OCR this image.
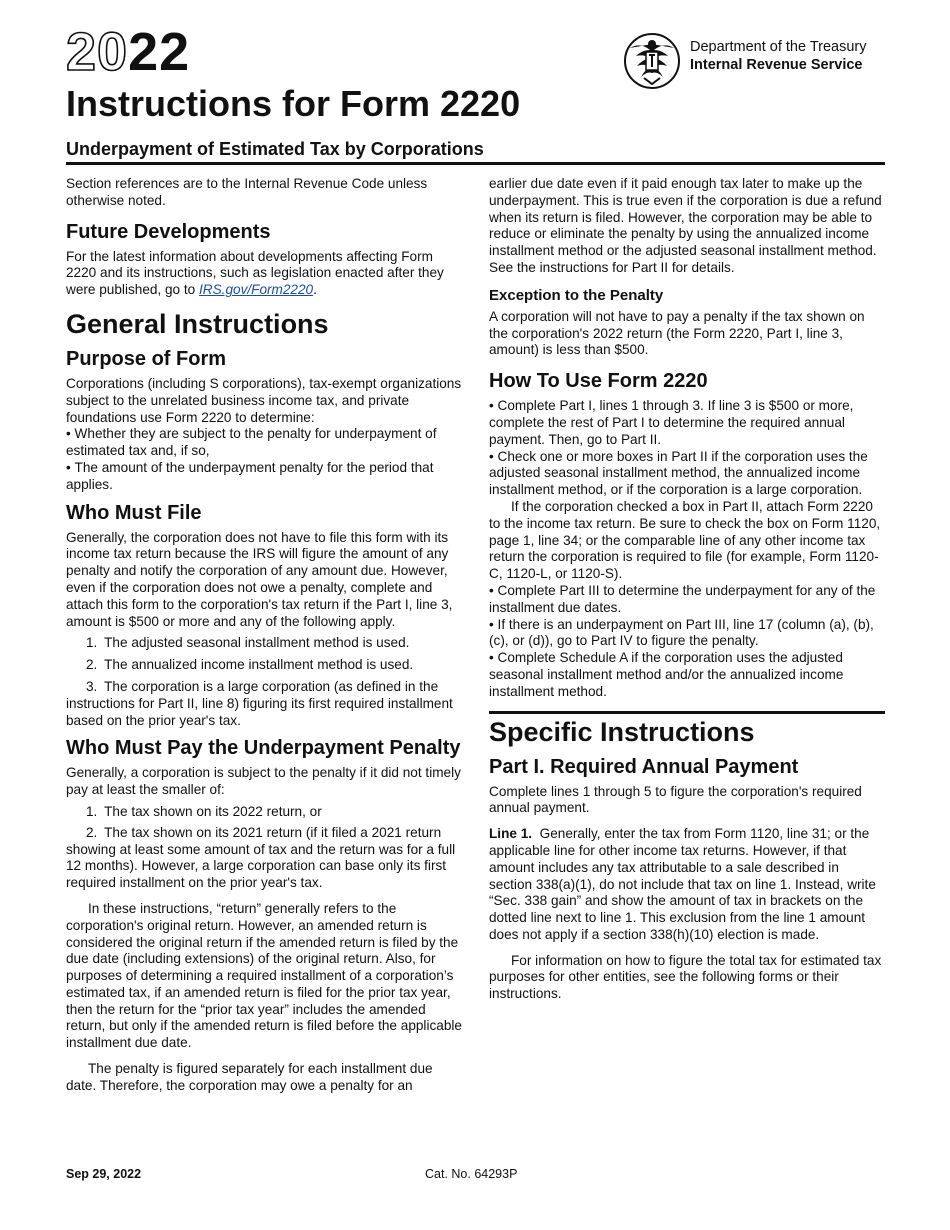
2022
Instructions for Form 2220
Underpayment of Estimated Tax by Corporations
Department of the Treasury
Internal Revenue Service

Section references are to the Internal Revenue Code unless otherwise noted.

Future Developments

For the latest information about developments affecting Form 2220 and its instructions, such as legislation enacted after they were published, go to IRS.gov/Form2220.

General Instructions
Purpose of Form

Corporations (including S corporations), tax-exempt organizations subject to the unrelated business income tax, and private foundations use Form 2220 to determine:

• Whether they are subject to the penalty for underpayment of estimated tax and, if so,

• The amount of the underpayment penalty for the period that applies.

Who Must File

Generally, the corporation does not have to file this form with its income tax return because the IRS will figure the amount of any penalty and notify the corporation of any amount due. However, even if the corporation does not owe a penalty, complete and attach this form to the corporation's tax return if the Part I, line 3, amount is $500 or more and any of the following apply.

1. The adjusted seasonal installment method is used.

2. The annualized income installment method is used.

3. The corporation is a large corporation (as defined in the instructions for Part II, line 8) figuring its first required installment based on the prior year's tax.

Who Must Pay the Underpayment Penalty

Generally, a corporation is subject to the penalty if it did not timely pay at least the smaller of:

1. The tax shown on its 2022 return, or

2. The tax shown on its 2021 return (if it filed a 2021 return showing at least some amount of tax and the return was for a full 12 months). However, a large corporation can base only its first required installment on the prior year's tax.

In these instructions, “return” generally refers to the corporation's original return. However, an amended return is considered the original return if the amended return is filed by the due date (including extensions) of the original return. Also, for purposes of determining a required installment of a corporation’s estimated tax, if an amended return is filed for the prior tax year, then the return for the “prior tax year” includes the amended return, but only if the amended return is filed before the applicable installment due date.

The penalty is figured separately for each installment due date. Therefore, the corporation may owe a penalty for an

earlier due date even if it paid enough tax later to make up the underpayment. This is true even if the corporation is due a refund when its return is filed. However, the corporation may be able to reduce or eliminate the penalty by using the annualized income installment method or the adjusted seasonal installment method. See the instructions for Part II for details.

Exception to the Penalty

A corporation will not have to pay a penalty if the tax shown on the corporation's 2022 return (the Form 2220, Part I, line 3, amount) is less than $500.

How To Use Form 2220

• Complete Part I, lines 1 through 3. If line 3 is $500 or more, complete the rest of Part I to determine the required annual payment. Then, go to Part II.

• Check one or more boxes in Part II if the corporation uses the adjusted seasonal installment method, the annualized income installment method, or if the corporation is a large corporation.

If the corporation checked a box in Part II, attach Form 2220 to the income tax return. Be sure to check the box on Form 1120, page 1, line 34; or the comparable line of any other income tax return the corporation is required to file (for example, Form 1120-C, 1120-L, or 1120-S).

• Complete Part III to determine the underpayment for any of the installment due dates.

• If there is an underpayment on Part III, line 17 (column (a), (b), (c), or (d)), go to Part IV to figure the penalty.

• Complete Schedule A if the corporation uses the adjusted seasonal installment method and/or the annualized income installment method.

Specific Instructions
Part I. Required Annual Payment

Complete lines 1 through 5 to figure the corporation's required annual payment.

Line 1. Generally, enter the tax from Form 1120, line 31; or the applicable line for other income tax returns. However, if that amount includes any tax attributable to a sale described in section 338(a)(1), do not include that tax on line 1. Instead, write “Sec. 338 gain” and show the amount of tax in brackets on the dotted line next to line 1. This exclusion from the line 1 amount does not apply if a section 338(h)(10) election is made.

For information on how to figure the total tax for estimated tax purposes for other entities, see the following forms or their instructions.

Sep 29, 2022	Cat. No. 64293P
